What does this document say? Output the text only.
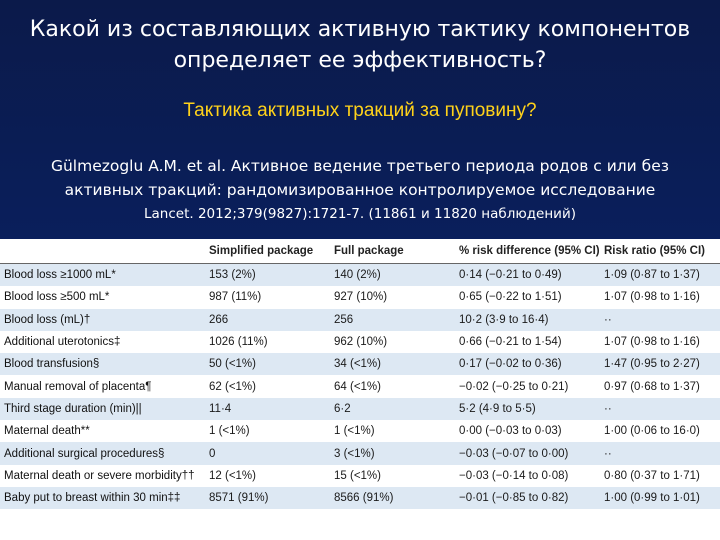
Какой из составляющих активную тактику компонентов
определяет ее эффективность?
Тактика активных тракций за пуповину?
Gülmezoglu A.M. et al. Активное ведение третьего периода родов с или без
активных тракций: рандомизированное контролируемое исследование
Lancet. 2012;379(9827):1721-7. (11861 и 11820 наблюдений)
	Simplified package	Full package	% risk difference (95% CI)	Risk ratio (95% CI)
Blood loss ≥1000 mL*	153 (2%)	140 (2%)	0·14 (−0·21 to 0·49)	1·09 (0·87 to 1·37)
Blood loss ≥500 mL*	987 (11%)	927 (10%)	0·65 (−0·22 to 1·51)	1·07 (0·98 to 1·16)
Blood loss (mL)†	266	256	10·2 (3·9 to 16·4)	··
Additional uterotonics‡	1026 (11%)	962 (10%)	0·66 (−0·21 to 1·54)	1·07 (0·98 to 1·16)
Blood transfusion§	50 (<1%)	34 (<1%)	0·17 (−0·02 to 0·36)	1·47 (0·95 to 2·27)
Manual removal of placenta¶	62 (<1%)	64 (<1%)	−0·02 (−0·25 to 0·21)	0·97 (0·68 to 1·37)
Third stage duration (min)||	11·4	6·2	5·2 (4·9 to 5·5)	··
Maternal death**	1 (<1%)	1 (<1%)	0·00 (−0·03 to 0·03)	1·00 (0·06 to 16·0)
Additional surgical procedures§	0	3 (<1%)	−0·03 (−0·07 to 0·00)	··
Maternal death or severe morbidity††	12 (<1%)	15 (<1%)	−0·03 (−0·14 to 0·08)	0·80 (0·37 to 1·71)
Baby put to breast within 30 min‡‡	8571 (91%)	8566 (91%)	−0·01 (−0·85 to 0·82)	1·00 (0·99 to 1·01)
